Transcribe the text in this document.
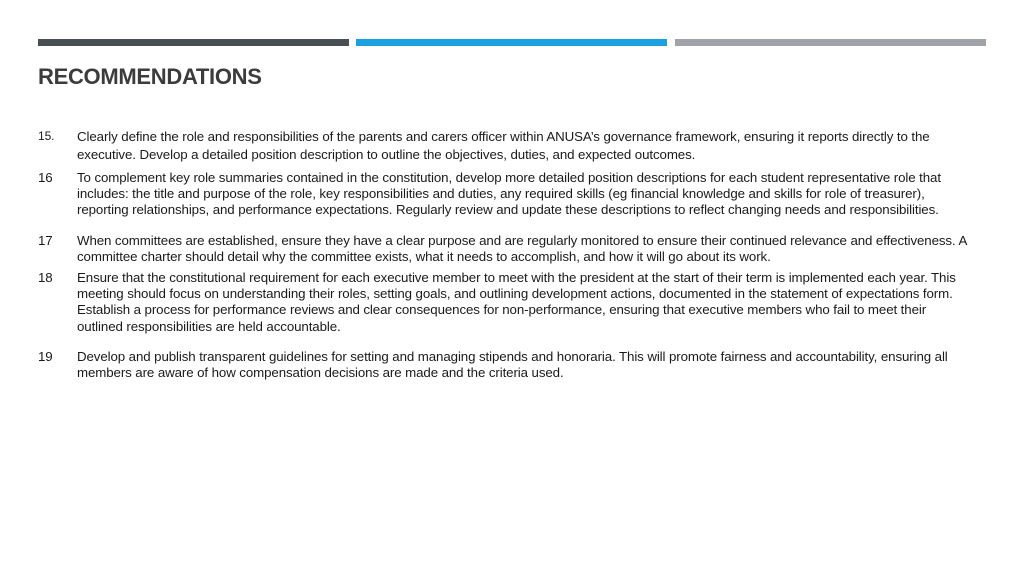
RECOMMENDATIONS
15.	Clearly define the role and responsibilities of the parents and carers officer within ANUSA’s governance framework, ensuring it reports directly to the executive. Develop a detailed position description to outline the objectives, duties, and expected outcomes.
16	To complement key role summaries contained in the constitution, develop more detailed position descriptions for each student representative role that includes: the title and purpose of the role, key responsibilities and duties, any required skills (eg financial knowledge and skills for role of treasurer), reporting relationships, and performance expectations. Regularly review and update these descriptions to reflect changing needs and responsibilities.
17	When committees are established, ensure they have a clear purpose and are regularly monitored to ensure their continued relevance and effectiveness. A committee charter should detail why the committee exists, what it needs to accomplish, and how it will go about its work.
18	Ensure that the constitutional requirement for each executive member to meet with the president at the start of their term is implemented each year. This meeting should focus on understanding their roles, setting goals, and outlining development actions, documented in the statement of expectations form. Establish a process for performance reviews and clear consequences for non-performance, ensuring that executive members who fail to meet their outlined responsibilities are held accountable.
19	Develop and publish transparent guidelines for setting and managing stipends and honoraria. This will promote fairness and accountability, ensuring all members are aware of how compensation decisions are made and the criteria used.
